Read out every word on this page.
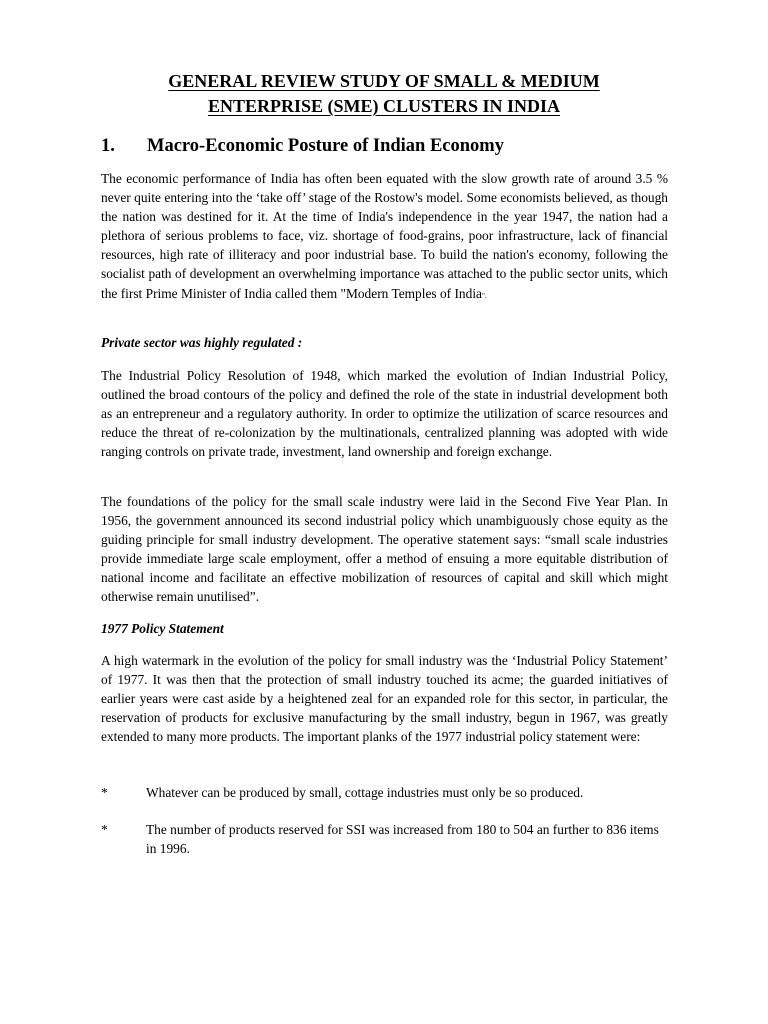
GENERAL REVIEW STUDY OF SMALL & MEDIUM
ENTERPRISE (SME) CLUSTERS IN INDIA
1. Macro-Economic Posture of Indian Economy

The economic performance of India has often been equated with the slow growth rate of around 3.5 % never quite entering into the ‘take off’ stage of the Rostow's model. Some economists believed, as though the nation was destined for it. At the time of India's independence in the year 1947, the nation had a plethora of serious problems to face, viz. shortage of food-grains, poor infrastructure, lack of financial resources, high rate of illiteracy and poor industrial base. To build the nation's economy, following the socialist path of development an overwhelming importance was attached to the public sector units, which the first Prime Minister of India called them "Modern Temples of India".

Private sector was highly regulated :

The Industrial Policy Resolution of 1948, which marked the evolution of Indian Industrial Policy, outlined the broad contours of the policy and defined the role of the state in industrial development both as an entrepreneur and a regulatory authority. In order to optimize the utilization of scarce resources and reduce the threat of re-colonization by the multinationals, centralized planning was adopted with wide ranging controls on private trade, investment, land ownership and foreign exchange.

The foundations of the policy for the small scale industry were laid in the Second Five Year Plan. In 1956, the government announced its second industrial policy which unambiguously chose equity as the guiding principle for small industry development. The operative statement says: “small scale industries provide immediate large scale employment, offer a method of ensuing a more equitable distribution of national income and facilitate an effective mobilization of resources of capital and skill which might otherwise remain unutilised”.

1977 Policy Statement

A high watermark in the evolution of the policy for small industry was the ‘Industrial Policy Statement’ of 1977. It was then that the protection of small industry touched its acme; the guarded initiatives of earlier years were cast aside by a heightened zeal for an expanded role for this sector, in particular, the reservation of products for exclusive manufacturing by the small industry, begun in 1967, was greatly extended to many more products. The important planks of the 1977 industrial policy statement were:

*	Whatever can be produced by small, cottage industries must only be so produced.
*	The number of products reserved for SSI was increased from 180 to 504 an further to 836 items in 1996.
